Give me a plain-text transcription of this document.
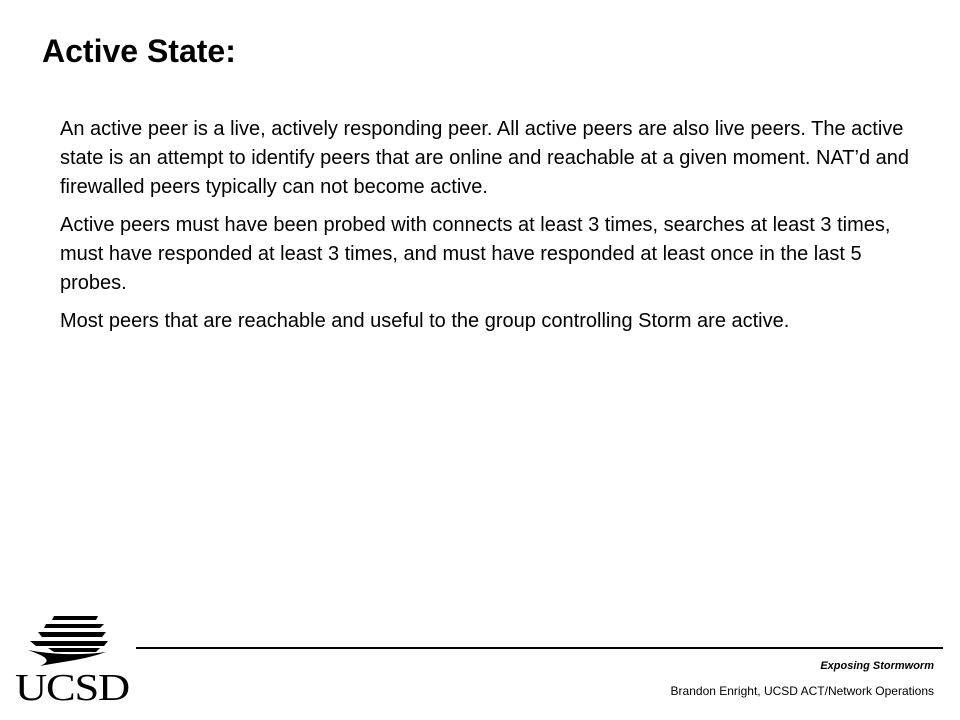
Active State:

An active peer is a live, actively responding peer. All active peers are also live peers. The active state is an attempt to identify peers that are online and reachable at a given moment. NAT’d and firewalled peers typically can not become active.

Active peers must have been probed with connects at least 3 times, searches at least 3 times, must have responded at least 3 times, and must have responded at least once in the last 5 probes.

Most peers that are reachable and useful to the group controlling Storm are active.

UCSD

Exposing Stormworm

Brandon Enright, UCSD ACT/Network Operations
